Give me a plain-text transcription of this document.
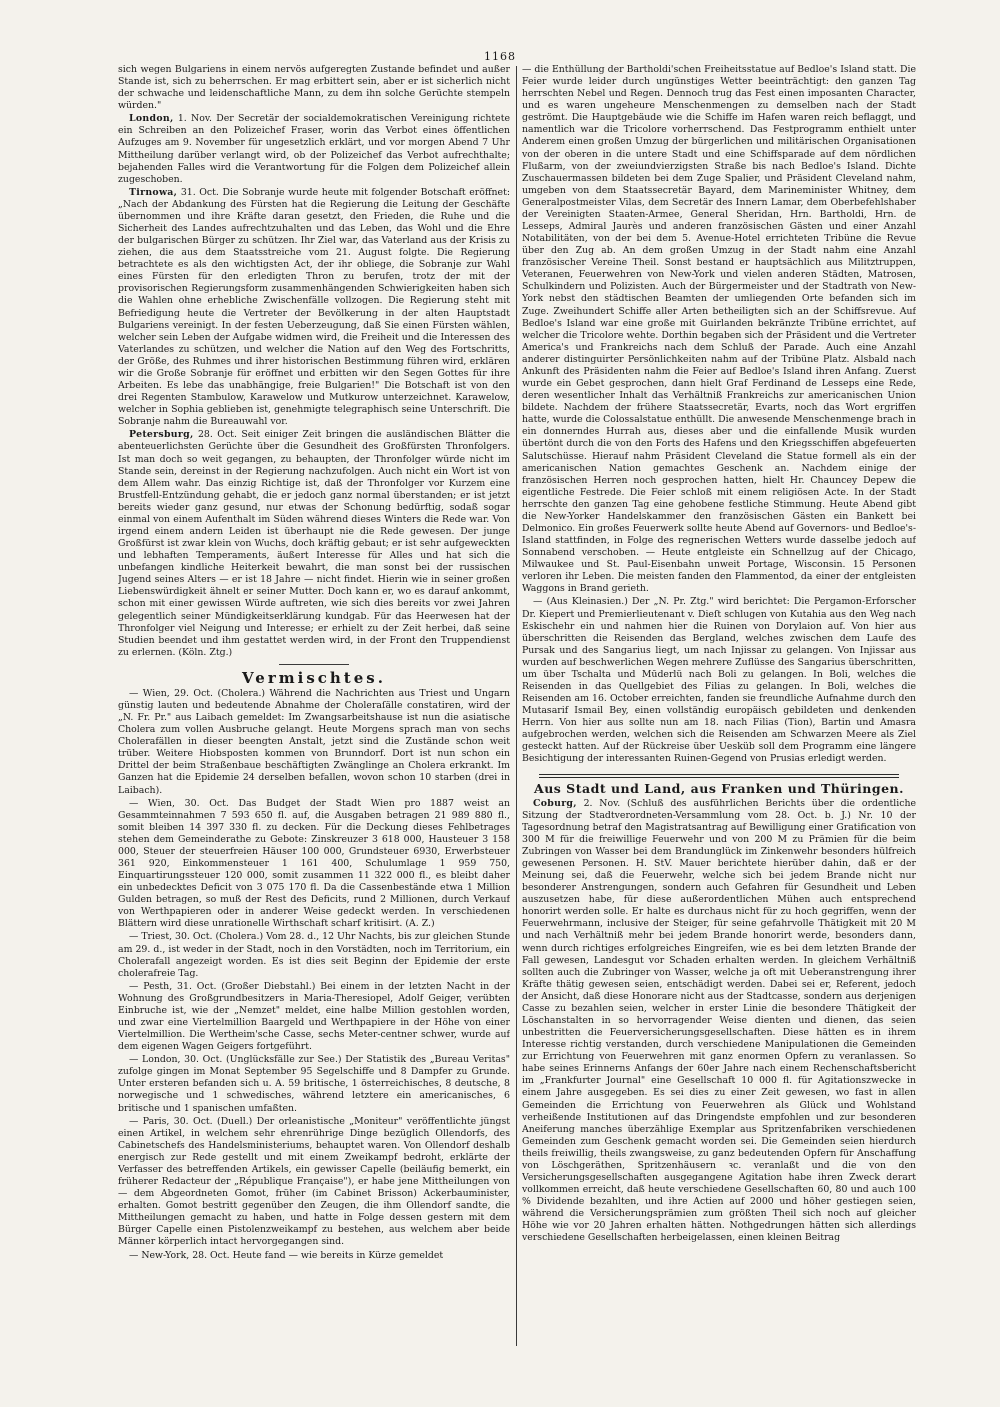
1168

sich wegen Bulgariens in einem nervös aufgeregten Zustande befindet und außer Stande ist, sich zu beherrschen. Er mag erbittert sein, aber er ist sicherlich nicht der schwache und leidenschaftliche Mann, zu dem ihn solche Gerüchte stempeln würden."

London, 1. Nov. Der Secretär der socialdemokratischen Vereinigung richtete ein Schreiben an den Polizeichef Fraser, worin das Verbot eines öffentlichen Aufzuges am 9. November für ungesetzlich erklärt, und vor morgen Abend 7 Uhr Mittheilung darüber verlangt wird, ob der Polizeichef das Verbot aufrechthalte; bejahenden Falles wird die Verantwortung für die Folgen dem Polizeichef allein zugeschoben.

Tirnowa, 31. Oct. Die Sobranje wurde heute mit folgender Botschaft eröffnet: „Nach der Abdankung des Fürsten hat die Regierung die Leitung der Geschäfte übernommen und ihre Kräfte daran gesetzt, den Frieden, die Ruhe und die Sicherheit des Landes aufrechtzuhalten und das Leben, das Wohl und die Ehre der bulgarischen Bürger zu schützen. Ihr Ziel war, das Vaterland aus der Krisis zu ziehen, die aus dem Staatsstreiche vom 21. August folgte. Die Regierung betrachtete es als den wichtigsten Act, der ihr obliege, die Sobranje zur Wahl eines Fürsten für den erledigten Thron zu berufen, trotz der mit der provisorischen Regierungsform zusammenhängenden Schwierigkeiten haben sich die Wahlen ohne erhebliche Zwischenfälle vollzogen. Die Regierung steht mit Befriedigung heute die Vertreter der Bevölkerung in der alten Hauptstadt Bulgariens vereinigt. In der festen Ueberzeugung, daß Sie einen Fürsten wählen, welcher sein Leben der Aufgabe widmen wird, die Freiheit und die Interessen des Vaterlandes zu schützen, und welcher die Nation auf den Weg des Fortschritts, der Größe, des Ruhmes und ihrer historischen Bestimmung führen wird, erklären wir die Große Sobranje für eröffnet und erbitten wir den Segen Gottes für ihre Arbeiten. Es lebe das unabhängige, freie Bulgarien!" Die Botschaft ist von den drei Regenten Stambulow, Karawelow und Mutkurow unterzeichnet. Karawelow, welcher in Sophia geblieben ist, genehmigte telegraphisch seine Unterschrift. Die Sobranje nahm die Bureauwahl vor.

Petersburg, 28. Oct. Seit einiger Zeit bringen die ausländischen Blätter die abenteuerlichsten Gerüchte über die Gesundheit des Großfürsten Thronfolgers. Ist man doch so weit gegangen, zu behaupten, der Thronfolger würde nicht im Stande sein, dereinst in der Regierung nachzufolgen. Auch nicht ein Wort ist von dem Allem wahr. Das einzig Richtige ist, daß der Thronfolger vor Kurzem eine Brustfell-Entzündung gehabt, die er jedoch ganz normal überstanden; er ist jetzt bereits wieder ganz gesund, nur etwas der Schonung bedürftig, sodaß sogar einmal von einem Aufenthalt im Süden während dieses Winters die Rede war. Von irgend einem andern Leiden ist überhaupt nie die Rede gewesen. Der junge Großfürst ist zwar klein von Wuchs, doch kräftig gebaut; er ist sehr aufgeweckten und lebhaften Temperaments, äußert Interesse für Alles und hat sich die unbefangen kindliche Heiterkeit bewahrt, die man sonst bei der russischen Jugend seines Alters — er ist 18 Jahre — nicht findet. Hierin wie in seiner großen Liebenswürdigkeit ähnelt er seiner Mutter. Doch kann er, wo es darauf ankommt, schon mit einer gewissen Würde auftreten, wie sich dies bereits vor zwei Jahren gelegentlich seiner Mündigkeitserklärung kundgab. Für das Heerwesen hat der Thronfolger viel Neigung und Interesse; er erhielt zu der Zeit herbei, daß seine Studien beendet und ihm gestattet werden wird, in der Front den Truppendienst zu erlernen. (Köln. Ztg.)

Vermischtes.

— Wien, 29. Oct. (Cholera.) Während die Nachrichten aus Triest und Ungarn günstig lauten und bedeutende Abnahme der Choleraſälle constatiren, wird der „N. Fr. Pr." aus Laibach gemeldet: Im Zwangsarbeitshause ist nun die asiatische Cholera zum vollen Ausbruche gelangt. Heute Morgens sprach man von sechs Cholerafällen in dieser beengten Anstalt, jetzt sind die Zustände schon weit trüber. Weitere Hiobsposten kommen von Brunndorf. Dort ist nun schon ein Drittel der beim Straßenbaue beschäftigten Zwänglinge an Cholera erkrankt. Im Ganzen hat die Epidemie 24 derselben befallen, wovon schon 10 starben (drei in Laibach).

— Wien, 30. Oct. Das Budget der Stadt Wien pro 1887 weist an Gesammteinnahmen 7 593 650 fl. auf, die Ausgaben betragen 21 989 880 fl., somit bleiben 14 397 330 fl. zu decken. Für die Deckung dieses Fehlbetrages stehen dem Gemeinderathe zu Gebote: Zinskreuzer 3 618 000, Hausteuer 3 158 000, Steuer der steuerfreien Häuser 100 000, Grundsteuer 6930, Erwerbsteuer 361 920, Einkommensteuer 1 161 400, Schulumlage 1 959 750, Einquartirungssteuer 120 000, somit zusammen 11 322 000 fl., es bleibt daher ein unbedecktes Deficit von 3 075 170 fl. Da die Cassenbestände etwa 1 Million Gulden betragen, so muß der Rest des Deficits, rund 2 Millionen, durch Verkauf von Werthpapieren oder in anderer Weise gedeckt werden. In verschiedenen Blättern wird diese unrationelle Wirthschaft scharf kritisirt. (A. Z.)

— Triest, 30. Oct. (Cholera.) Vom 28. d., 12 Uhr Nachts, bis zur gleichen Stunde am 29. d., ist weder in der Stadt, noch in den Vorstädten, noch im Territorium, ein Cholerafall angezeigt worden. Es ist dies seit Beginn der Epidemie der erste cholerafreie Tag.

— Pesth, 31. Oct. (Großer Diebstahl.) Bei einem in der letzten Nacht in der Wohnung des Großgrundbesitzers in Maria-Theresiopel, Adolf Geiger, verübten Einbruche ist, wie der „Nemzet" meldet, eine halbe Million gestohlen worden, und zwar eine Viertelmillion Baargeld und Werthpapiere in der Höhe von einer Viertelmillion. Die Wertheim'sche Casse, sechs Meter-centner schwer, wurde auf dem eigenen Wagen Geigers fortgeführt.

— London, 30. Oct. (Unglücksfälle zur See.) Der Statistik des „Bureau Veritas" zufolge gingen im Monat September 95 Segelschiffe und 8 Dampfer zu Grunde. Unter ersteren befanden sich u. A. 59 britische, 1 österreichisches, 8 deutsche, 8 norwegische und 1 schwedisches, während letztere ein americanisches, 6 britische und 1 spanischen umfaßten.

— Paris, 30. Oct. (Duell.) Der orleanistische „Moniteur" veröffentlichte jüngst einen Artikel, in welchem sehr ehrenrührige Dinge bezüglich Ollendorfs, des Cabinetschefs des Handelsministeriums, behauptet waren. Von Ollendorf deshalb energisch zur Rede gestellt und mit einem Zweikampf bedroht, erklärte der Verfasser des betreffenden Artikels, ein gewisser Capelle (beiläufig bemerkt, ein früherer Redacteur der „République Française"), er habe jene Mittheilungen von — dem Abgeordneten Gomot, früher (im Cabinet Brisson) Ackerbauminister, erhalten. Gomot bestritt gegenüber den Zeugen, die ihm Ollendorf sandte, die Mittheilungen gemacht zu haben, und hatte in Folge dessen gestern mit dem Bürger Capelle einen Pistolenzweikampf zu bestehen, aus welchem aber beide Männer körperlich intact hervorgegangen sind.

— New-York, 28. Oct. Heute fand — wie bereits in Kürze gemeldet

— die Enthüllung der Bartholdi'schen Freiheitsstatue auf Bedloe's Island statt. Die Feier wurde leider durch ungünstiges Wetter beeinträchtigt: den ganzen Tag herrschten Nebel und Regen. Dennoch trug das Fest einen imposanten Character, und es waren ungeheure Menschenmengen zu demselben nach der Stadt geströmt. Die Hauptgebäude wie die Schiffe im Hafen waren reich beflaggt, und namentlich war die Tricolore vorherrschend. Das Festprogramm enthielt unter Anderem einen großen Umzug der bürgerlichen und militärischen Organisationen von der oberen in die untere Stadt und eine Schiffsparade auf dem nördlichen Flußarm, von der zweiundvierzigsten Straße bis nach Bedloe's Island. Dichte Zuschauermassen bildeten bei dem Zuge Spalier, und Präsident Cleveland nahm, umgeben von dem Staatssecretär Bayard, dem Marineminister Whitney, dem Generalpostmeister Vilas, dem Secretär des Innern Lamar, dem Oberbefehlshaber der Vereinigten Staaten-Armee, General Sheridan, Hrn. Bartholdi, Hrn. de Lesseps, Admiral Jaurès und anderen französischen Gästen und einer Anzahl Notabilitäten, von der bei dem 5. Avenue-Hotel errichteten Tribüne die Revue über den Zug ab. An dem großen Umzug in der Stadt nahm eine Anzahl französischer Vereine Theil. Sonst bestand er hauptsächlich aus Militztruppen, Veteranen, Feuerwehren von New-York und vielen anderen Städten, Matrosen, Schulkindern und Polizisten. Auch der Bürgermeister und der Stadtrath von New-York nebst den städtischen Beamten der umliegenden Orte befanden sich im Zuge. Zweihundert Schiffe aller Arten betheiligten sich an der Schiffsrevue. Auf Bedloe's Island war eine große mit Guirlanden bekränzte Tribüne errichtet, auf welcher die Tricolore wehte. Dorthin begaben sich der Präsident und die Vertreter America's und Frankreichs nach dem Schluß der Parade. Auch eine Anzahl anderer distinguirter Persönlichkeiten nahm auf der Tribüne Platz. Alsbald nach Ankunft des Präsidenten nahm die Feier auf Bedloe's Island ihren Anfang. Zuerst wurde ein Gebet gesprochen, dann hielt Graf Ferdinand de Lesseps eine Rede, deren wesentlicher Inhalt das Verhältniß Frankreichs zur americanischen Union bildete. Nachdem der frühere Staatssecretär, Evarts, noch das Wort ergriffen hatte, wurde die Colossalstatue enthüllt. Die anwesende Menschenmenge brach in ein donnerndes Hurrah aus, dieses aber und die einfallende Musik wurden übertönt durch die von den Forts des Hafens und den Kriegsschiffen abgefeuerten Salutschüsse. Hierauf nahm Präsident Cleveland die Statue formell als ein der americanischen Nation gemachtes Geschenk an. Nachdem einige der französischen Herren noch gesprochen hatten, hielt Hr. Chauncey Depew die eigentliche Festrede. Die Feier schloß mit einem religiösen Acte. In der Stadt herrschte den ganzen Tag eine gehobene festliche Stimmung. Heute Abend gibt die New-Yorker Handelskammer den französischen Gästen ein Bankett bei Delmonico. Ein großes Feuerwerk sollte heute Abend auf Governors- und Bedloe's-Island stattfinden, in Folge des regnerischen Wetters wurde dasselbe jedoch auf Sonnabend verschoben. — Heute entgleiste ein Schnellzug auf der Chicago, Milwaukee und St. Paul-Eisenbahn unweit Portage, Wisconsin. 15 Personen verloren ihr Leben. Die meisten fanden den Flammentod, da einer der entgleisten Waggons in Brand gerieth.

— (Aus Kleinasien.) Der „N. Pr. Ztg." wird berichtet: Die Pergamon-Erforscher Dr. Kiepert und Premierlieutenant v. Dieſt schlugen von Kutahia aus den Weg nach Eskischehr ein und nahmen hier die Ruinen von Dorylaion auf. Von hier aus überschritten die Reisenden das Bergland, welches zwischen dem Laufe des Pursak und des Sangarius liegt, um nach Injissar zu gelangen. Von Injissar aus wurden auf beschwerlichen Wegen mehrere Zuflüsse des Sangarius überschritten, um über Tschalta und Mūderlü nach Boli zu gelangen. In Boli, welches die Reisenden in das Quellgebiet des Filias zu gelangen. In Boli, welches die Reisenden am 16. October erreichten, fanden sie freundliche Aufnahme durch den Mutasarif Ismail Bey, einen vollständig europäisch gebildeten und denkenden Herrn. Von hier aus sollte nun am 18. nach Filias (Tion), Bartin und Amasra aufgebrochen werden, welchen sich die Reisenden am Schwarzen Meere als Ziel gesteckt hatten. Auf der Rückreise über Uesküb soll dem Programm eine längere Besichtigung der interessanten Ruinen-Gegend von Prusias erledigt werden.

Aus Stadt und Land, aus Franken und Thüringen.

Coburg, 2. Nov. (Schluß des ausführlichen Berichts über die ordentliche Sitzung der Stadtverordneten-Versammlung vom 28. Oct. b. J.) Nr. 10 der Tagesordnung betraf den Magistratsantrag auf Bewilligung einer Gratification von 300 M für die freiwillige Feuerwehr und von 200 M zu Prämien für die beim Zubringen von Wasser bei dem Brandunglück im Zinkenwehr besonders hülfreich gewesenen Personen. H. StV. Mauer berichtete hierüber dahin, daß er der Meinung sei, daß die Feuerwehr, welche sich bei jedem Brande nicht nur besonderer Anstrengungen, sondern auch Gefahren für Gesundheit und Leben auszusetzen habe, für diese außerordentlichen Mühen auch entsprechend honorirt werden solle. Er halte es durchaus nicht für zu hoch gegriffen, wenn der Feuerwehrmann, inclusive der Steiger, für seine gefahrvolle Thätigkeit mit 20 M und nach Verhältniß mehr bei jedem Brande honorirt werde, besonders dann, wenn durch richtiges erfolgreiches Eingreifen, wie es bei dem letzten Brande der Fall gewesen, Landesgut vor Schaden erhalten werden. In gleichem Verhältniß sollten auch die Zubringer von Wasser, welche ja oft mit Ueberanstrengung ihrer Kräfte thätig gewesen seien, entschädigt werden. Dabei sei er, Referent, jedoch der Ansicht, daß diese Honorare nicht aus der Stadtcasse, sondern aus derjenigen Casse zu bezahlen seien, welcher in erster Linie die besondere Thätigkeit der Löschanstalten in so hervorragender Weise dienten und dienen, das seien unbestritten die Feuerversicherungsgesellschaften. Diese hätten es in ihrem Interesse richtig verstanden, durch verschiedene Manipulationen die Gemeinden zur Errichtung von Feuerwehren mit ganz enormen Opfern zu veranlassen. So habe seines Erinnerns Anfangs der 60er Jahre nach einem Rechenschaftsbericht im „Frankfurter Journal" eine Gesellschaft 10 000 fl. für Agitationszwecke in einem Jahre ausgegeben. Es sei dies zu einer Zeit gewesen, wo fast in allen Gemeinden die Errichtung von Feuerwehren als Glück und Wohlstand verheißende Institutionen auf das Dringendste empfohlen und zur besonderen Aneiferung manches überzählige Exemplar aus Spritzenfabriken verschiedenen Gemeinden zum Geschenk gemacht worden sei. Die Gemeinden seien hierdurch theils freiwillig, theils zwangsweise, zu ganz bedeutenden Opfern für Anschaffung von Löschgeräthen, Spritzenhäusern ꝛc. veranlaßt und die von den Versicherungsgesellschaften ausgegangene Agitation habe ihren Zweck derart vollkommen erreicht, daß heute verschiedene Gesellschaften 60, 80 und auch 100 % Dividende bezahlten, und ihre Actien auf 2000 und höher gestiegen seien, während die Versicherungsprämien zum größten Theil sich noch auf gleicher Höhe wie vor 20 Jahren erhalten hätten. Nothgedrungen hätten sich allerdings verschiedene Gesellschaften herbeigelassen, einen kleinen Beitrag
